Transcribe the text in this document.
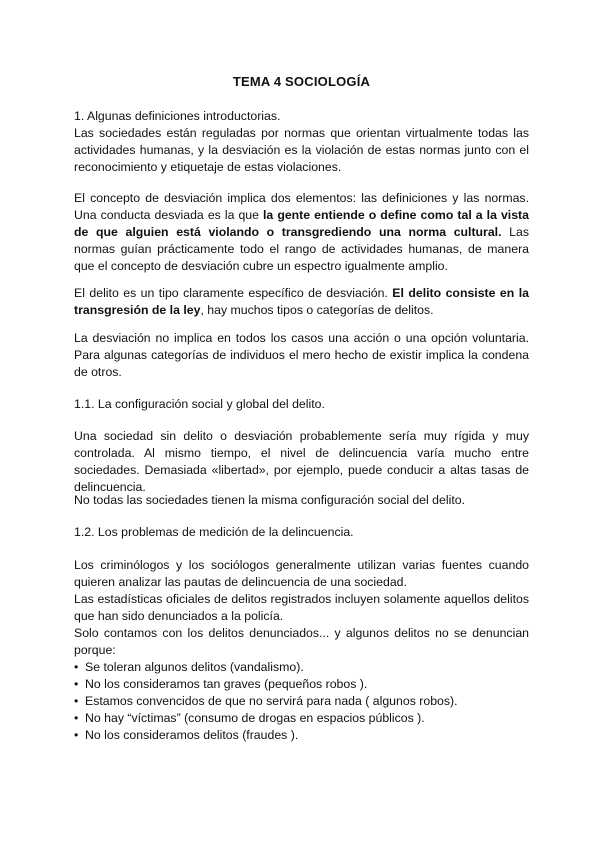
TEMA 4 SOCIOLOGÍA

1. Algunas definiciones introductorias.

Las sociedades están reguladas por normas que orientan virtualmente todas las actividades humanas, y la desviación es la violación de estas normas junto con el reconocimiento y etiquetaje de estas violaciones.

El concepto de desviación implica dos elementos: las definiciones y las normas. Una conducta desviada es la que la gente entiende o define como tal a la vista de que alguien está violando o transgrediendo una norma cultural. Las normas guían prácticamente todo el rango de actividades humanas, de manera que el concepto de desviación cubre un espectro igualmente amplio.

El delito es un tipo claramente específico de desviación. El delito consiste en la transgresión de la ley, hay muchos tipos o categorías de delitos.

La desviación no implica en todos los casos una acción o una opción voluntaria. Para algunas categorías de individuos el mero hecho de existir implica la condena de otros.

1.1. La configuración social y global del delito.

Una sociedad sin delito o desviación probablemente sería muy rígida y muy controlada. Al mismo tiempo, el nivel de delincuencia varía mucho entre sociedades. Demasiada «libertad», por ejemplo, puede conducir a altas tasas de delincuencia.

No todas las sociedades tienen la misma configuración social del delito.

1.2. Los problemas de medición de la delincuencia.

Los criminólogos y los sociólogos generalmente utilizan varias fuentes cuando quieren analizar las pautas de delincuencia de una sociedad.

Las estadísticas oficiales de delitos registrados incluyen solamente aquellos delitos que han sido denunciados a la policía.

Solo contamos con los delitos denunciados... y algunos delitos no se denuncian porque:

• Se toleran algunos delitos (vandalismo).
• No los consideramos tan graves (pequeños robos ).
• Estamos convencidos de que no servirá para nada ( algunos robos).
• No hay “víctimas” (consumo de drogas en espacios públicos ).
• No los consideramos delitos (fraudes ).
